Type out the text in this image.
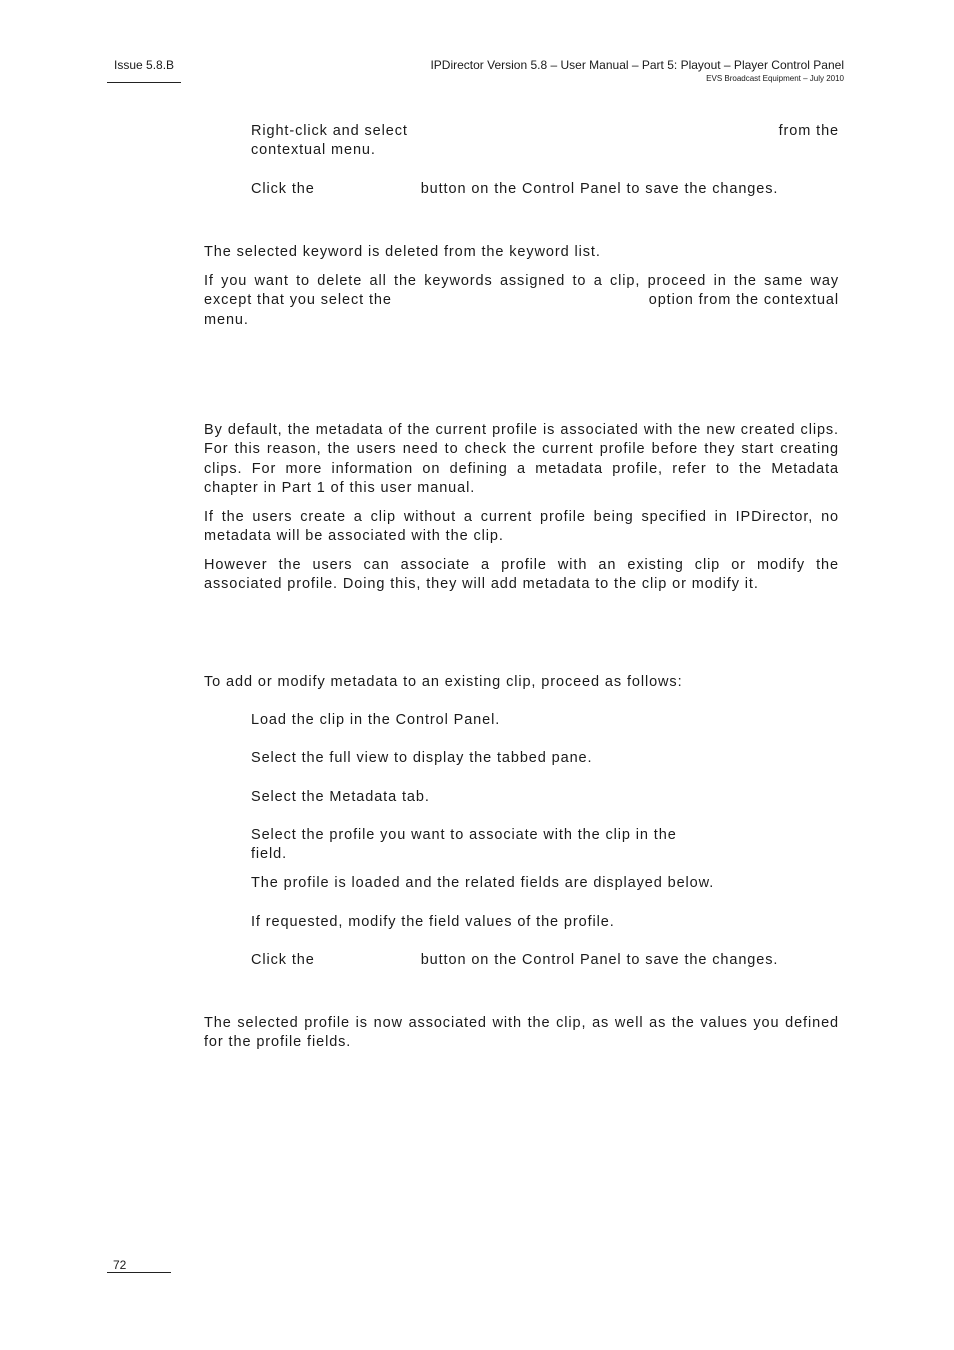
Issue 5.8.B	IPDirector Version 5.8 – User Manual – Part 5: Playout – Player Control Panel
EVS Broadcast Equipment – July 2010
Right-click and select	from the
contextual menu.
Click the	button on the Control Panel to save the changes.

The selected keyword is deleted from the keyword list.

If you want to delete all the keywords assigned to a clip, proceed in the same way
except that you select the	option from the contextual
menu.

By default, the metadata of the current profile is associated with the new created clips. For this reason, the users need to check the current profile before they start creating clips. For more information on defining a metadata profile, refer to the Metadata chapter in Part 1 of this user manual.

If the users create a clip without a current profile being specified in IPDirector, no metadata will be associated with the clip.

However the users can associate a profile with an existing clip or modify the associated profile. Doing this, they will add metadata to the clip or modify it.

To add or modify metadata to an existing clip, proceed as follows:

Load the clip in the Control Panel.

Select the full view to display the tabbed pane.

Select the Metadata tab.

Select the profile you want to associate with the clip in the
field.

The profile is loaded and the related fields are displayed below.

If requested, modify the field values of the profile.

Click the	button on the Control Panel to save the changes.

The selected profile is now associated with the clip, as well as the values you defined for the profile fields.

72
